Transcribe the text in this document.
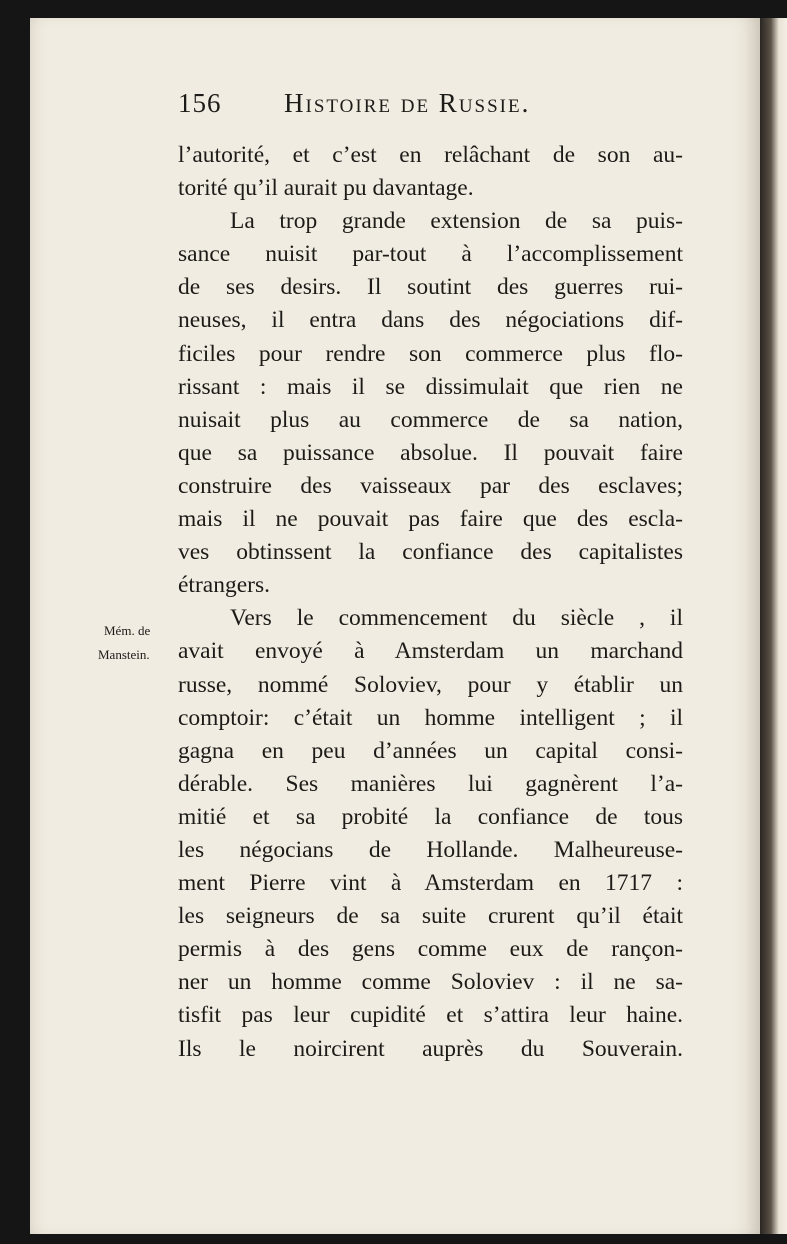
156 Histoire de Russie.
Mém. de
Manstein.
l’autorité, et c’est en relâchant de son au-
torité qu’il aurait pu davantage.
La trop grande extension de sa puis-
sance nuisit par-tout à l’accomplissement
de ses desirs. Il soutint des guerres rui-
neuses, il entra dans des négociations dif-
ficiles pour rendre son commerce plus flo-
rissant : mais il se dissimulait que rien ne
nuisait plus au commerce de sa nation,
que sa puissance absolue. Il pouvait faire
construire des vaisseaux par des esclaves;
mais il ne pouvait pas faire que des escla-
ves obtinssent la confiance des capitalistes
étrangers.
Vers le commencement du siècle , il
avait envoyé à Amsterdam un marchand
russe, nommé Soloviev, pour y établir un
comptoir: c’était un homme intelligent ; il
gagna en peu d’années un capital consi-
dérable. Ses manières lui gagnèrent l’a-
mitié et sa probité la confiance de tous
les négocians de Hollande. Malheureuse-
ment Pierre vint à Amsterdam en 1717 :
les seigneurs de sa suite crurent qu’il était
permis à des gens comme eux de rançon-
ner un homme comme Soloviev : il ne sa-
tisfit pas leur cupidité et s’attira leur haine.
Ils le noircirent auprès du Souverain.
